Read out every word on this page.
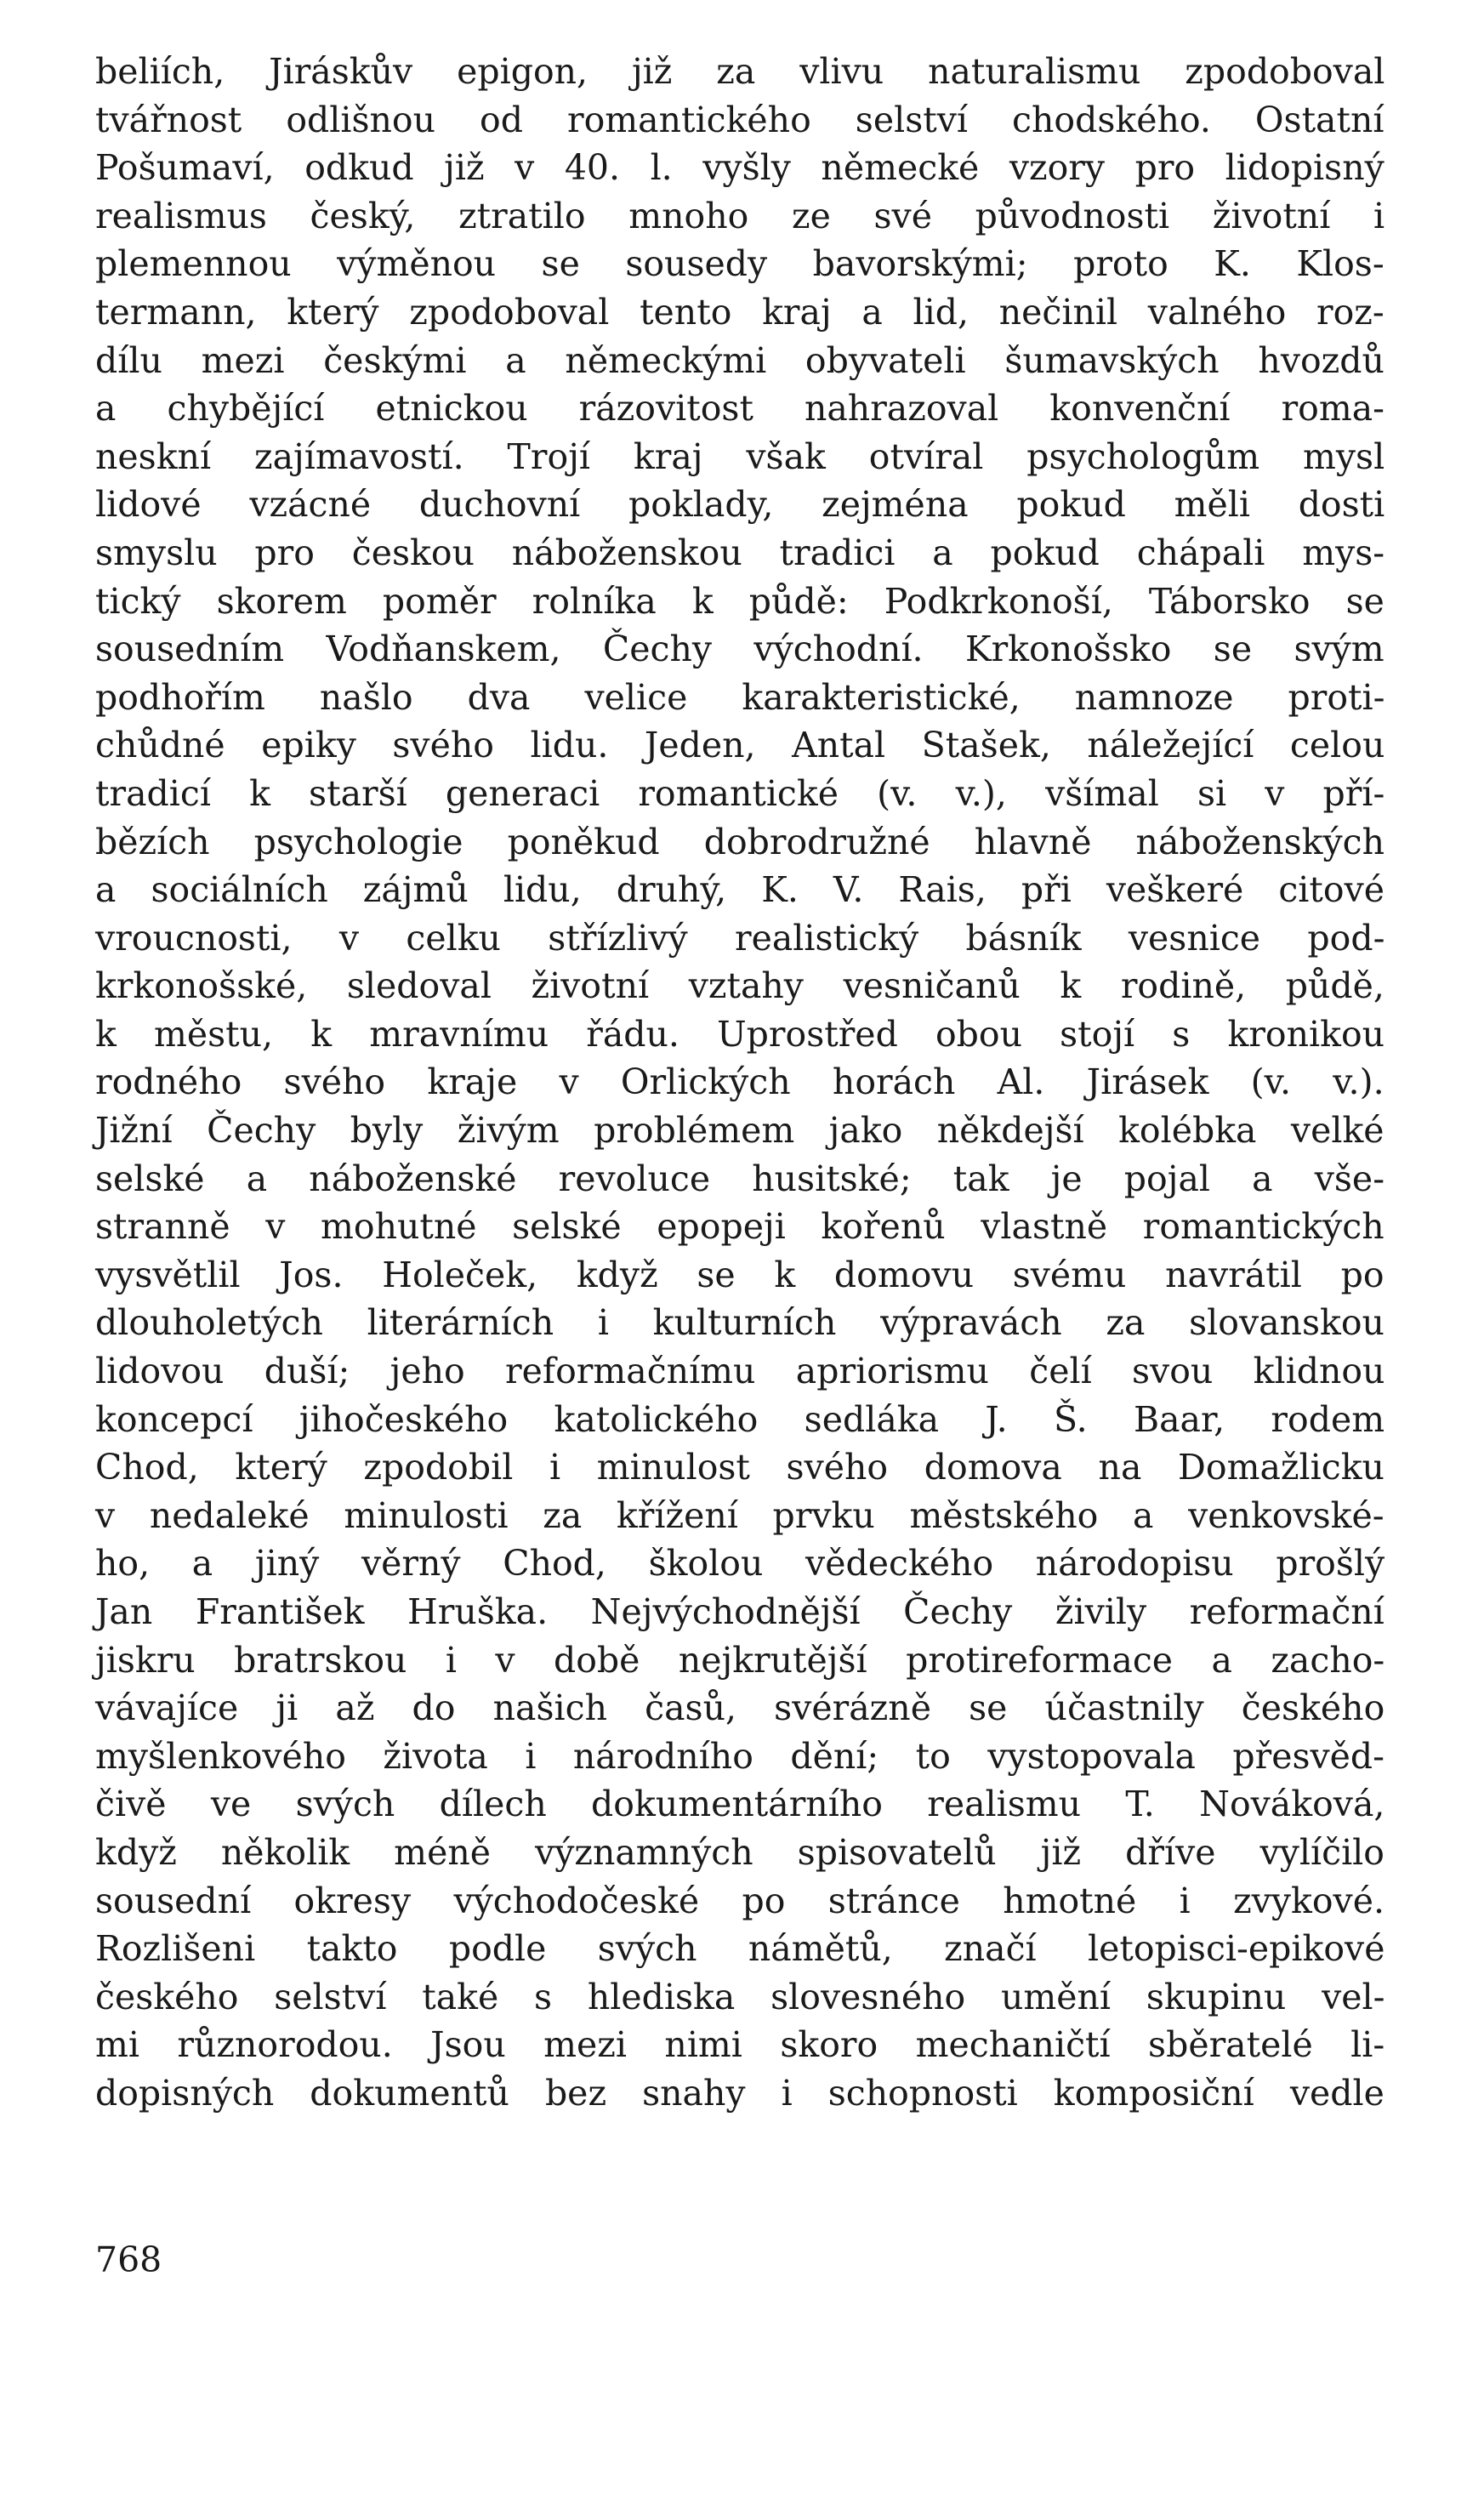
beliích, Jiráskův epigon, již za vlivu naturalismu zpodoboval
tvářnost odlišnou od romantického selství chodského. Ostatní
Pošumaví, odkud již v 40. l. vyšly německé vzory pro lidopisný
realismus český, ztratilo mnoho ze své původnosti životní i
plemennou výměnou se sousedy bavorskými; proto K. Klos-
termann, který zpodoboval tento kraj a lid, nečinil valného roz-
dílu mezi českými a německými obyvateli šumavských hvozdů
a chybějící etnickou rázovitost nahrazoval konvenční roma-
neskní zajímavostí. Trojí kraj však otvíral psychologům mysl
lidové vzácné duchovní poklady, zejména pokud měli dosti
smyslu pro českou náboženskou tradici a pokud chápali mys-
tický skorem poměr rolníka k půdě: Podkrkonoší, Táborsko se
sousedním Vodňanskem, Čechy východní. Krkonošsko se svým
podhořím našlo dva velice karakteristické, namnoze proti-
chůdné epiky svého lidu. Jeden, Antal Stašek, náležející celou
tradicí k starší generaci romantické (v. v.), všímal si v pří-
bězích psychologie poněkud dobrodružné hlavně náboženských
a sociálních zájmů lidu, druhý, K. V. Rais, při veškeré citové
vroucnosti, v celku střízlivý realistický básník vesnice pod-
krkonošské, sledoval životní vztahy vesničanů k rodině, půdě,
k městu, k mravnímu řádu. Uprostřed obou stojí s kronikou
rodného svého kraje v Orlických horách Al. Jirásek (v. v.).
Jižní Čechy byly živým problémem jako někdejší kolébka velké
selské a náboženské revoluce husitské; tak je pojal a vše-
stranně v mohutné selské epopeji kořenů vlastně romantických
vysvětlil Jos. Holeček, když se k domovu svému navrátil po
dlouholetých literárních i kulturních výpravách za slovanskou
lidovou duší; jeho reformačnímu apriorismu čelí svou klidnou
koncepcí jihočeského katolického sedláka J. Š. Baar, rodem
Chod, který zpodobil i minulost svého domova na Domažlicku
v nedaleké minulosti za křížení prvku městského a venkovské-
ho, a jiný věrný Chod, školou vědeckého národopisu prošlý
Jan František Hruška. Nejvýchodnější Čechy živily reformační
jiskru bratrskou i v době nejkrutější protireformace a zacho-
vávajíce ji až do našich časů, svérázně se účastnily českého
myšlenkového života i národního dění; to vystopovala přesvěd-
čivě ve svých dílech dokumentárního realismu T. Nováková,
když několik méně významných spisovatelů již dříve vylíčilo
sousední okresy východočeské po stránce hmotné i zvykové.
Rozlišeni takto podle svých námětů, značí letopisci-epikové
českého selství také s hlediska slovesného umění skupinu vel-
mi různorodou. Jsou mezi nimi skoro mechaničtí sběratelé li-
dopisných dokumentů bez snahy i schopnosti komposiční vedle
768
